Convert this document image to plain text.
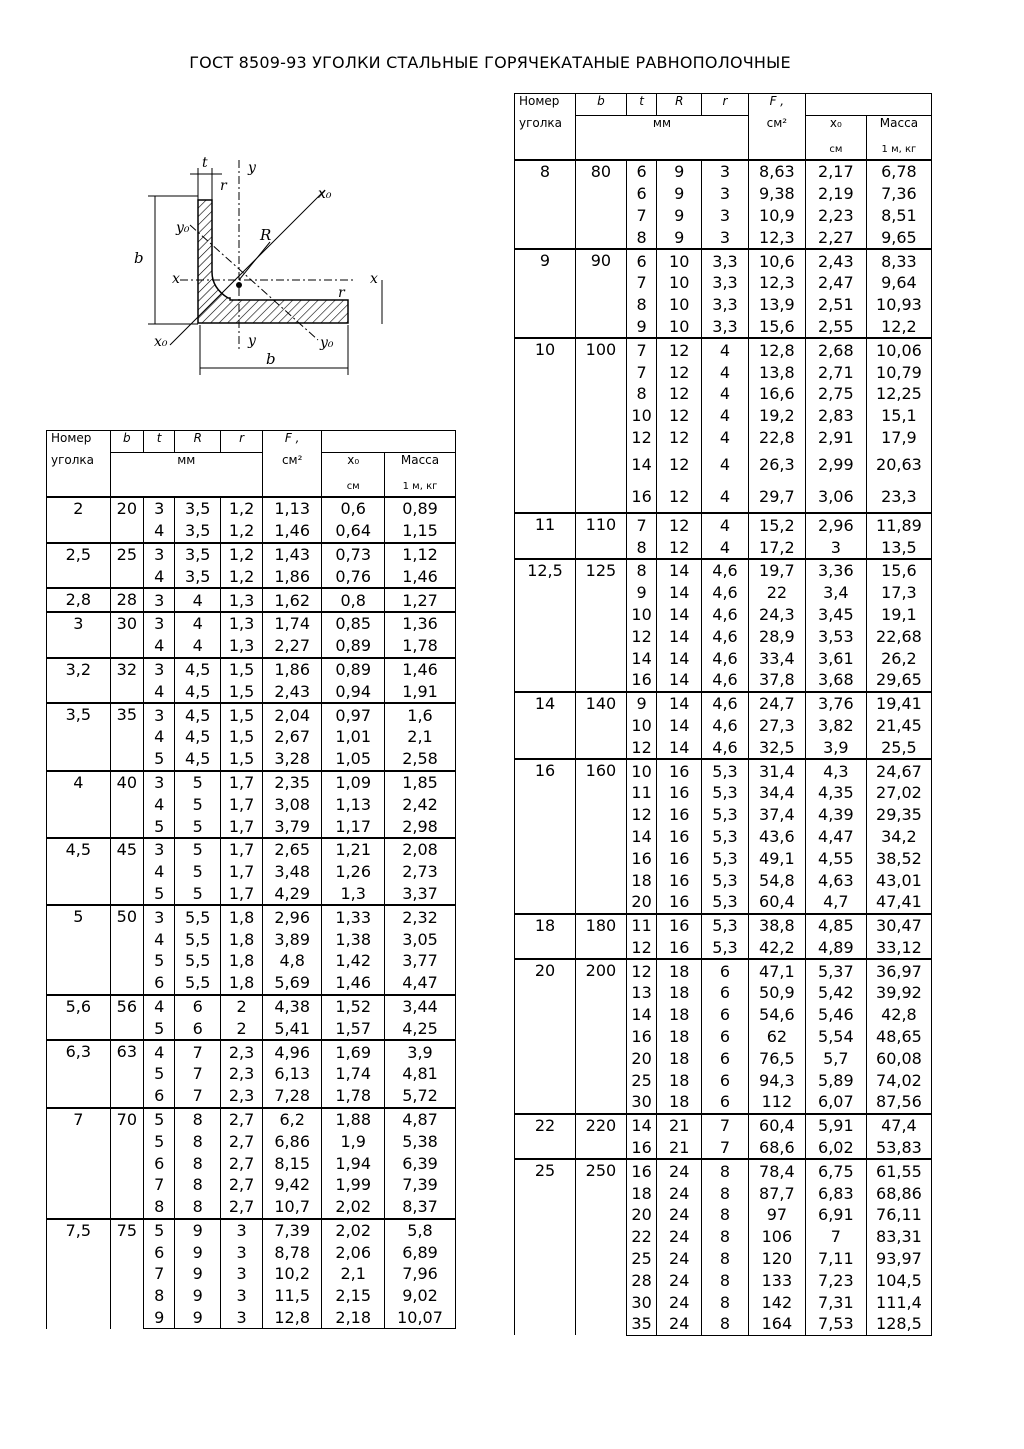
ГОСТ 8509-93 УГОЛКИ СТАЛЬНЫЕ ГОРЯЧЕКАТАНЫЕ РАВНОПОЛОЧНЫЕ
t
r
y
x₀
y₀	R
b
x	x
r
x₀	y	y₀
b
Номер	b	t	R	r	F ,		
уголка	мм				см²	x₀	Масса
						см	1 м, кг
2	20	3	3,5	1,2	1,13	0,6	0,89
		4	3,5	1,2	1,46	0,64	1,15
2,5	25	3	3,5	1,2	1,43	0,73	1,12
		4	3,5	1,2	1,86	0,76	1,46
2,8	28	3	4	1,3	1,62	0,8	1,27
3	30	3	4	1,3	1,74	0,85	1,36
		4	4	1,3	2,27	0,89	1,78
3,2	32	3	4,5	1,5	1,86	0,89	1,46
		4	4,5	1,5	2,43	0,94	1,91
3,5	35	3	4,5	1,5	2,04	0,97	1,6
		4	4,5	1,5	2,67	1,01	2,1
		5	4,5	1,5	3,28	1,05	2,58
4	40	3	5	1,7	2,35	1,09	1,85
		4	5	1,7	3,08	1,13	2,42
		5	5	1,7	3,79	1,17	2,98
4,5	45	3	5	1,7	2,65	1,21	2,08
		4	5	1,7	3,48	1,26	2,73
		5	5	1,7	4,29	1,3	3,37
5	50	3	5,5	1,8	2,96	1,33	2,32
		4	5,5	1,8	3,89	1,38	3,05
		5	5,5	1,8	4,8	1,42	3,77
		6	5,5	1,8	5,69	1,46	4,47
5,6	56	4	6	2	4,38	1,52	3,44
		5	6	2	5,41	1,57	4,25
6,3	63	4	7	2,3	4,96	1,69	3,9
		5	7	2,3	6,13	1,74	4,81
		6	7	2,3	7,28	1,78	5,72
7	70	5	8	2,7	6,2	1,88	4,87
		5	8	2,7	6,86	1,9	5,38
		6	8	2,7	8,15	1,94	6,39
		7	8	2,7	9,42	1,99	7,39
		8	8	2,7	10,7	2,02	8,37
7,5	75	5	9	3	7,39	2,02	5,8
		6	9	3	8,78	2,06	6,89
		7	9	3	10,2	2,1	7,96
		8	9	3	11,5	2,15	9,02
		9	9	3	12,8	2,18	10,07
Номер	b	t	R	r	F ,		
уголка	мм				см²	x₀	Масса
						см	1 м, кг
8	80	6	9	3	8,63	2,17	6,78
		6	9	3	9,38	2,19	7,36
		7	9	3	10,9	2,23	8,51
		8	9	3	12,3	2,27	9,65
9	90	6	10	3,3	10,6	2,43	8,33
		7	10	3,3	12,3	2,47	9,64
		8	10	3,3	13,9	2,51	10,93
		9	10	3,3	15,6	2,55	12,2
10	100	7	12	4	12,8	2,68	10,06
		7	12	4	13,8	2,71	10,79
		8	12	4	16,6	2,75	12,25
		10	12	4	19,2	2,83	15,1
		12	12	4	22,8	2,91	17,9
		14	12	4	26,3	2,99	20,63
		16	12	4	29,7	3,06	23,3
11	110	7	12	4	15,2	2,96	11,89
		8	12	4	17,2	3	13,5
12,5	125	8	14	4,6	19,7	3,36	15,6
		9	14	4,6	22	3,4	17,3
		10	14	4,6	24,3	3,45	19,1
		12	14	4,6	28,9	3,53	22,68
		14	14	4,6	33,4	3,61	26,2
		16	14	4,6	37,8	3,68	29,65
14	140	9	14	4,6	24,7	3,76	19,41
		10	14	4,6	27,3	3,82	21,45
		12	14	4,6	32,5	3,9	25,5
16	160	10	16	5,3	31,4	4,3	24,67
		11	16	5,3	34,4	4,35	27,02
		12	16	5,3	37,4	4,39	29,35
		14	16	5,3	43,6	4,47	34,2
		16	16	5,3	49,1	4,55	38,52
		18	16	5,3	54,8	4,63	43,01
		20	16	5,3	60,4	4,7	47,41
18	180	11	16	5,3	38,8	4,85	30,47
		12	16	5,3	42,2	4,89	33,12
20	200	12	18	6	47,1	5,37	36,97
		13	18	6	50,9	5,42	39,92
		14	18	6	54,6	5,46	42,8
		16	18	6	62	5,54	48,65
		20	18	6	76,5	5,7	60,08
		25	18	6	94,3	5,89	74,02
		30	18	6	112	6,07	87,56
22	220	14	21	7	60,4	5,91	47,4
		16	21	7	68,6	6,02	53,83
25	250	16	24	8	78,4	6,75	61,55
		18	24	8	87,7	6,83	68,86
		20	24	8	97	6,91	76,11
		22	24	8	106	7	83,31
		25	24	8	120	7,11	93,97
		28	24	8	133	7,23	104,5
		30	24	8	142	7,31	111,4
		35	24	8	164	7,53	128,5
